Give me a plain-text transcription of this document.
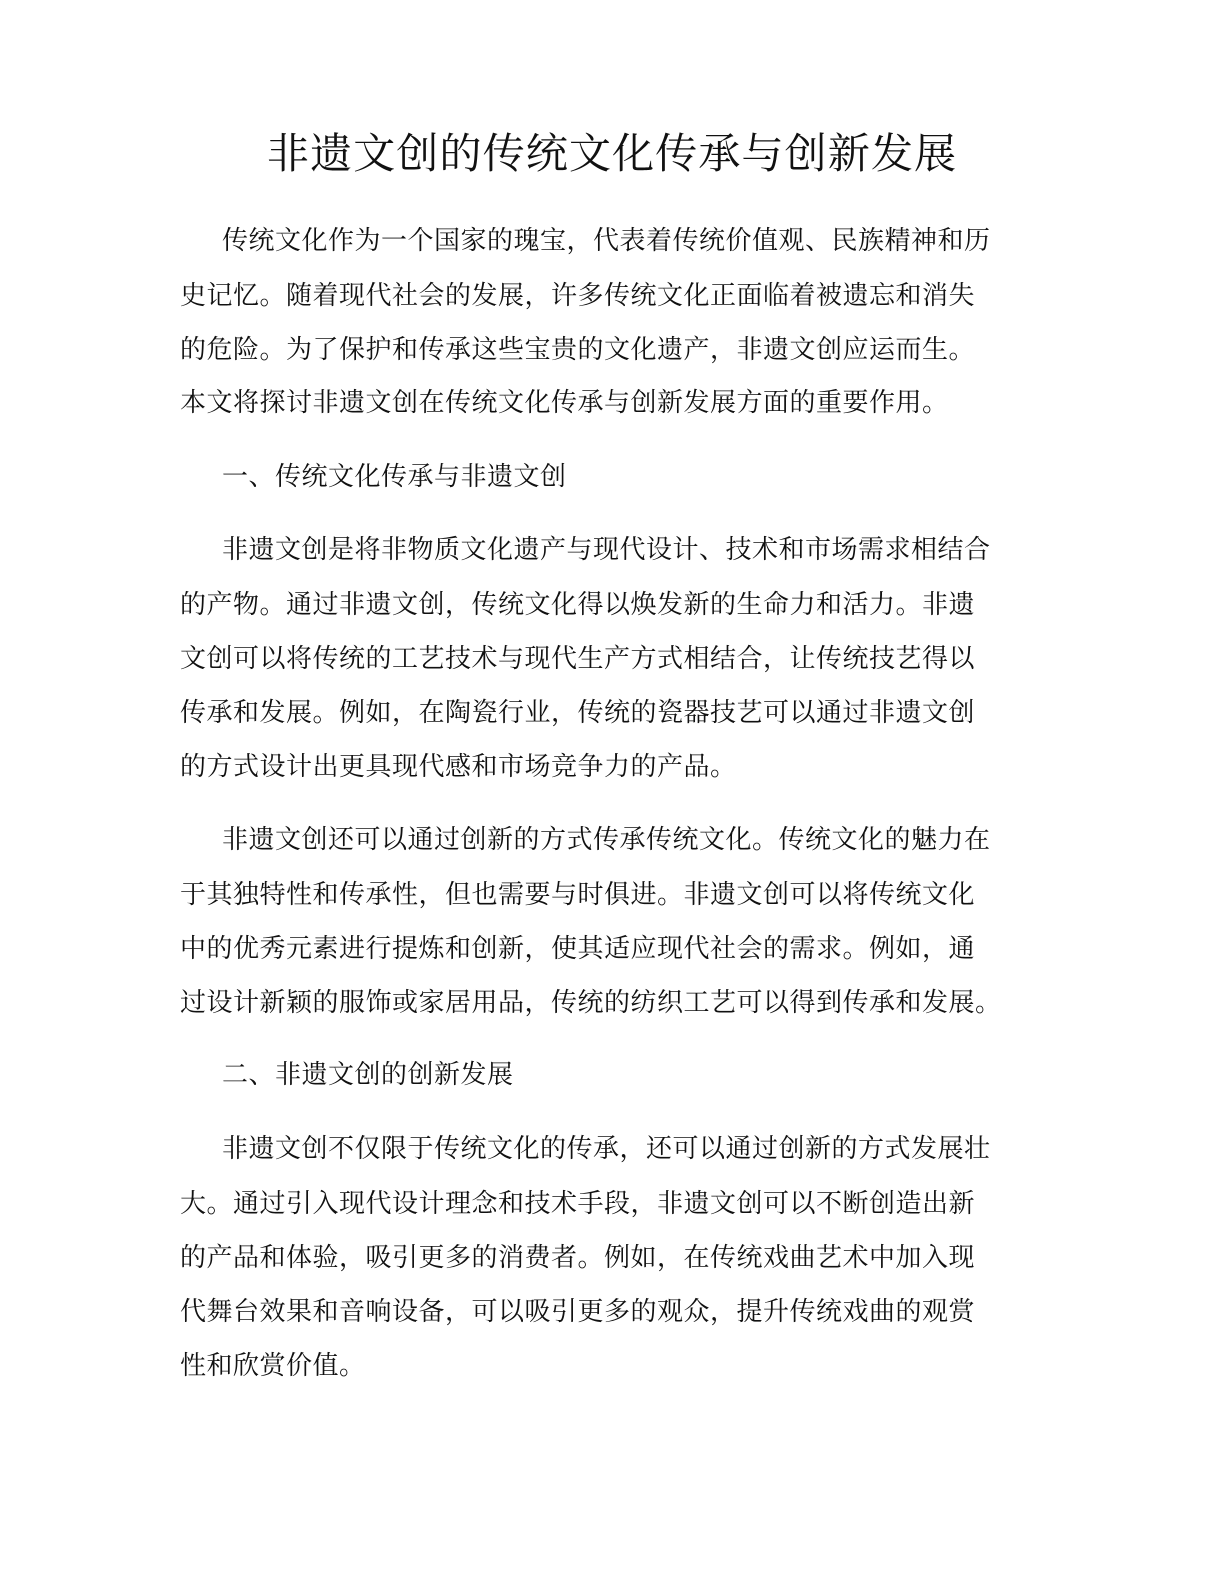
非遗文创的传统文化传承与创新发展
传统文化作为一个国家的瑰宝，代表着传统价值观、民族精神和历
史记忆。随着现代社会的发展，许多传统文化正面临着被遗忘和消失
的危险。为了保护和传承这些宝贵的文化遗产，非遗文创应运而生。
本文将探讨非遗文创在传统文化传承与创新发展方面的重要作用。
一、传统文化传承与非遗文创
非遗文创是将非物质文化遗产与现代设计、技术和市场需求相结合
的产物。通过非遗文创，传统文化得以焕发新的生命力和活力。非遗
文创可以将传统的工艺技术与现代生产方式相结合，让传统技艺得以
传承和发展。例如，在陶瓷行业，传统的瓷器技艺可以通过非遗文创
的方式设计出更具现代感和市场竞争力的产品。
非遗文创还可以通过创新的方式传承传统文化。传统文化的魅力在
于其独特性和传承性，但也需要与时俱进。非遗文创可以将传统文化
中的优秀元素进行提炼和创新，使其适应现代社会的需求。例如，通
过设计新颖的服饰或家居用品，传统的纺织工艺可以得到传承和发展。
二、非遗文创的创新发展
非遗文创不仅限于传统文化的传承，还可以通过创新的方式发展壮
大。通过引入现代设计理念和技术手段，非遗文创可以不断创造出新
的产品和体验，吸引更多的消费者。例如，在传统戏曲艺术中加入现
代舞台效果和音响设备，可以吸引更多的观众，提升传统戏曲的观赏
性和欣赏价值。
